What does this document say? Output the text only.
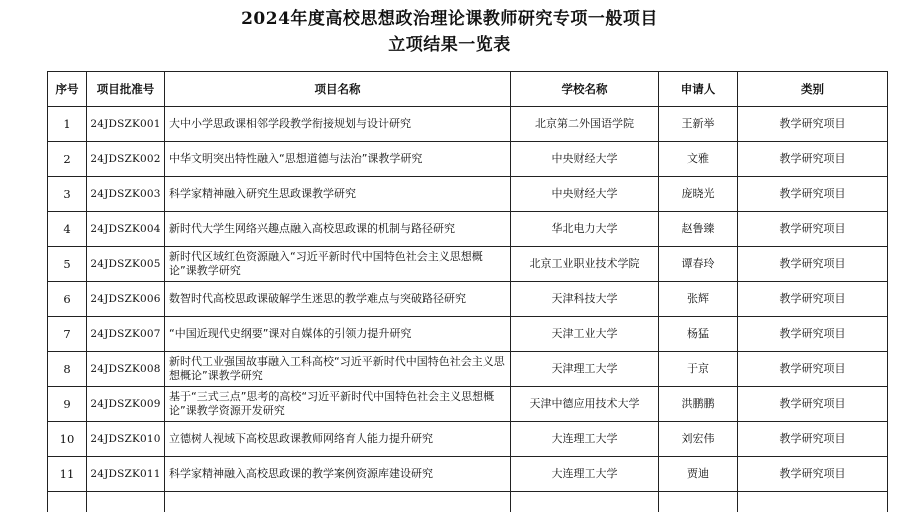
2024年度高校思想政治理论课教师研究专项一般项目
立项结果一览表
序号	项目批准号	项目名称	学校名称	申请人	类别
1	24JDSZK001	大中小学思政课相邻学段教学衔接规划与设计研究	北京第二外国语学院	王新举	教学研究项目
2	24JDSZK002	中华文明突出特性融入“思想道德与法治”课教学研究	中央财经大学	文雅	教学研究项目
3	24JDSZK003	科学家精神融入研究生思政课教学研究	中央财经大学	庞晓光	教学研究项目
4	24JDSZK004	新时代大学生网络兴趣点融入高校思政课的机制与路径研究	华北电力大学	赵鲁臻	教学研究项目
5	24JDSZK005	新时代区域红色资源融入“习近平新时代中国特色社会主义思想概论”课教学研究	北京工业职业技术学院	谭春玲	教学研究项目
6	24JDSZK006	数智时代高校思政课破解学生迷思的教学难点与突破路径研究	天津科技大学	张辉	教学研究项目
7	24JDSZK007	“中国近现代史纲要”课对自媒体的引领力提升研究	天津工业大学	杨猛	教学研究项目
8	24JDSZK008	新时代工业强国故事融入工科高校“习近平新时代中国特色社会主义思想概论”课教学研究	天津理工大学	于京	教学研究项目
9	24JDSZK009	基于“三式三点”思考的高校“习近平新时代中国特色社会主义思想概论”课教学资源开发研究	天津中德应用技术大学	洪鹏鹏	教学研究项目
10	24JDSZK010	立德树人视域下高校思政课教师网络育人能力提升研究	大连理工大学	刘宏伟	教学研究项目
11	24JDSZK011	科学家精神融入高校思政课的教学案例资源库建设研究	大连理工大学	贾迪	教学研究项目
